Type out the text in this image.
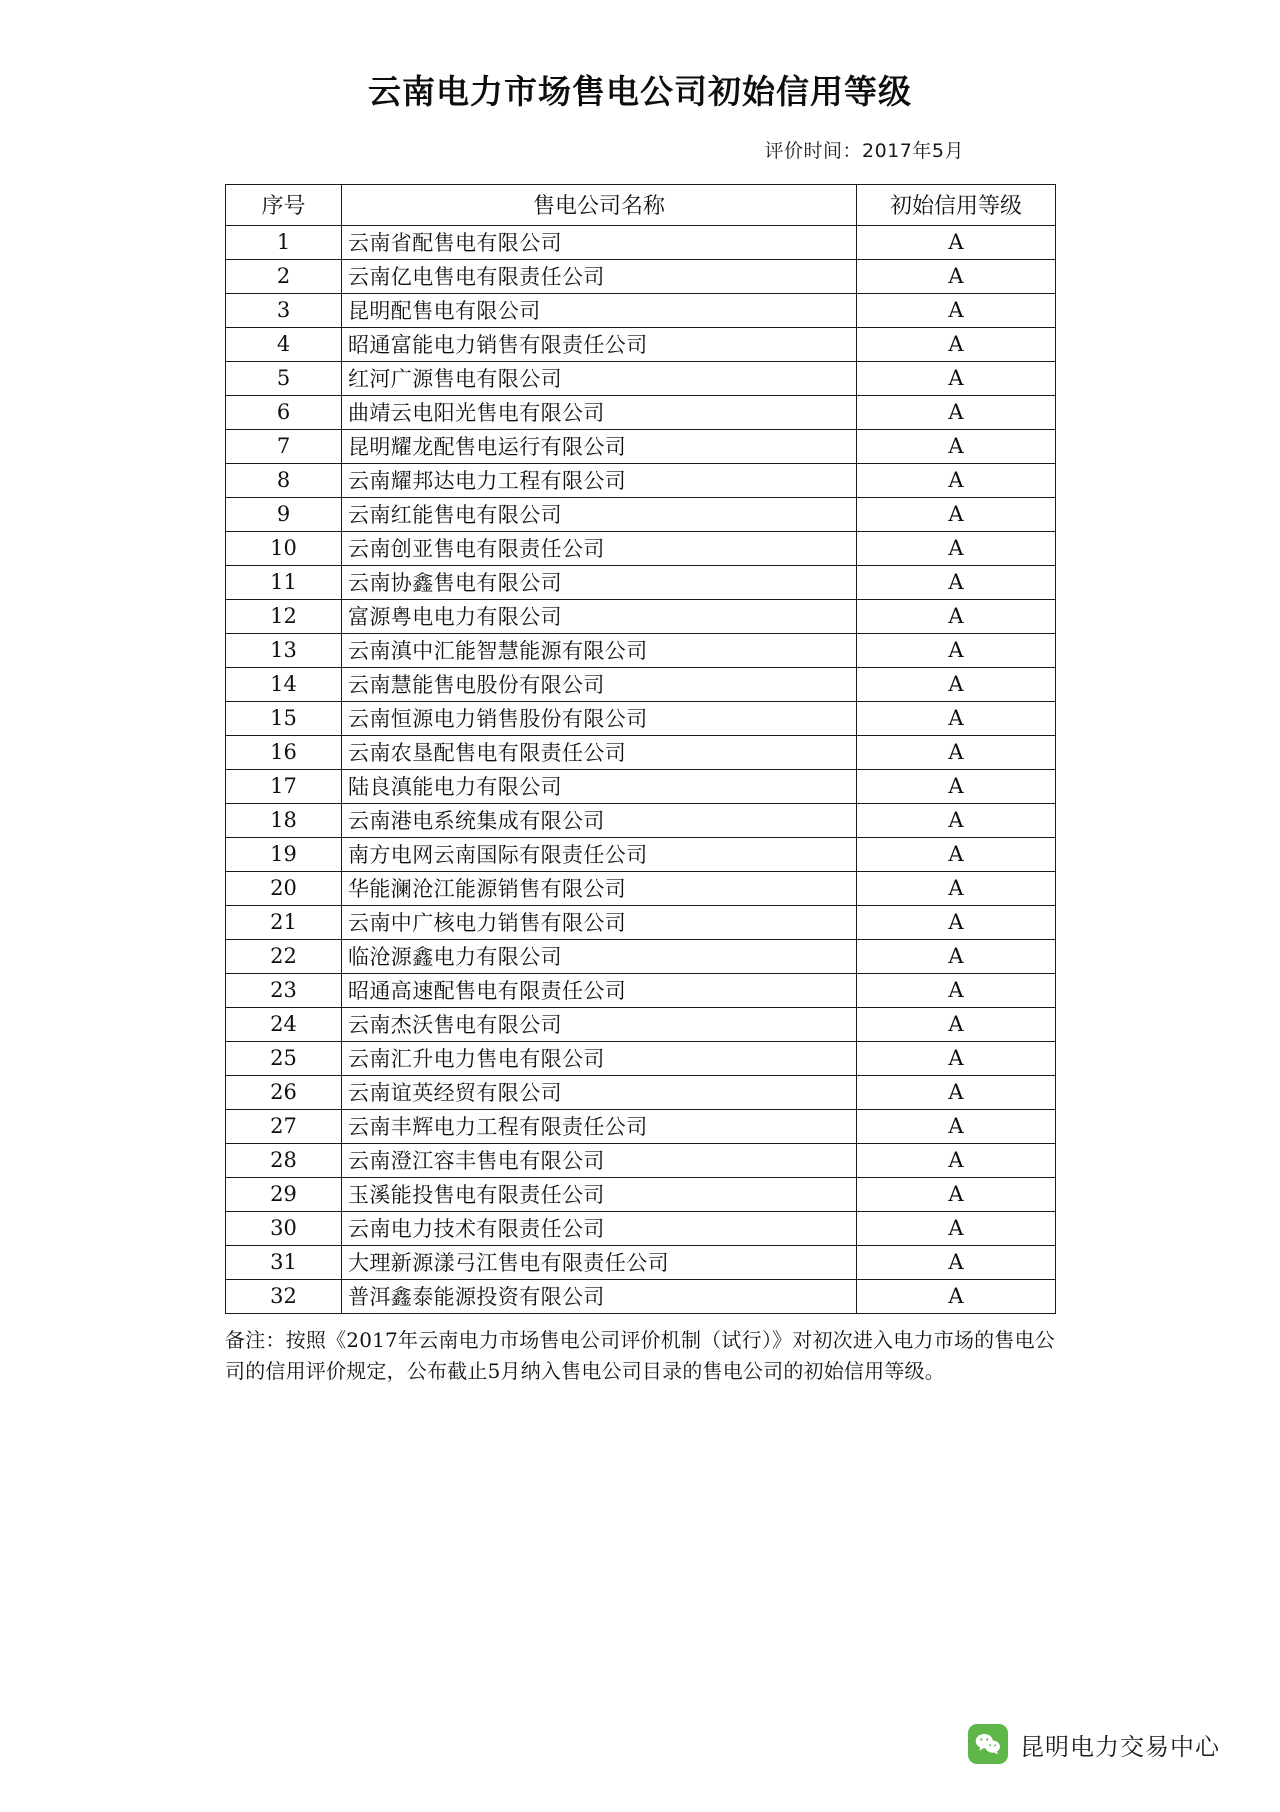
云南电力市场售电公司初始信用等级
评价时间：2017年5月
序号	售电公司名称	初始信用等级
1	云南省配售电有限公司	A
2	云南亿电售电有限责任公司	A
3	昆明配售电有限公司	A
4	昭通富能电力销售有限责任公司	A
5	红河广源售电有限公司	A
6	曲靖云电阳光售电有限公司	A
7	昆明耀龙配售电运行有限公司	A
8	云南耀邦达电力工程有限公司	A
9	云南红能售电有限公司	A
10	云南创亚售电有限责任公司	A
11	云南协鑫售电有限公司	A
12	富源粤电电力有限公司	A
13	云南滇中汇能智慧能源有限公司	A
14	云南慧能售电股份有限公司	A
15	云南恒源电力销售股份有限公司	A
16	云南农垦配售电有限责任公司	A
17	陆良滇能电力有限公司	A
18	云南港电系统集成有限公司	A
19	南方电网云南国际有限责任公司	A
20	华能澜沧江能源销售有限公司	A
21	云南中广核电力销售有限公司	A
22	临沧源鑫电力有限公司	A
23	昭通高速配售电有限责任公司	A
24	云南杰沃售电有限公司	A
25	云南汇升电力售电有限公司	A
26	云南谊英经贸有限公司	A
27	云南丰辉电力工程有限责任公司	A
28	云南澄江容丰售电有限公司	A
29	玉溪能投售电有限责任公司	A
30	云南电力技术有限责任公司	A
31	大理新源漾弓江售电有限责任公司	A
32	普洱鑫泰能源投资有限公司	A
备注：按照《2017年云南电力市场售电公司评价机制（试行）》对初次进入电力市场的售电公司的信用评价规定，公布截止5月纳入售电公司目录的售电公司的初始信用等级。
昆明电力交易中心
